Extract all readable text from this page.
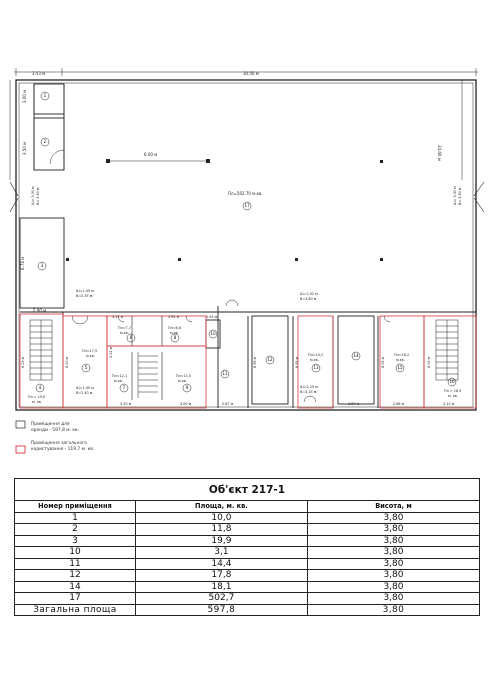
3.53 м	30.50 м
3.00 м
3.50 м
6.74 м
2.90 м
Ш= 3.30 м В= 3.80 м	Ш= 3.30 м В= 3.80 м
24.60 м
6.00 м
Пл=502,70 м.кв.
17
Ш=1,45 м.
В=2,35 м.
Ш=1,45 м.
В=2,40 м.
Ш=2,52 м.
В=3,80 м.
Ш=2,25 м.
В=3,15 м.
Пл=17,5
м.кв.
Пл=7,7
м.кв.
Пл=6,6
м.кв.
Пл=12,1
м.кв.
Пл=11,5
м.кв.
Пл=10,2
м.кв.
Пл=16,2
м.кв.
Пл = 18,9
м. кв.
Пл = 19,0
м. кв.
3.17 м	2.91 м	1.93 м
6.23 м	6.20 м
3.22 м
6.35 м	6.95 м	6.05 м	6.05 м
3.20 м	3.00 м	2.87 м	2.87 м	2.68 м	3.12 м
1
2
3
4
5
6
7
8
9
10
11
12
13
14
15
16
Приміщення для
оренди - 597,8 м. кв.
Приміщення загального
користування - 119,7 м. кв.
Об'єкт 217-1		
Номер приміщення	Площа, м. кв.	Висота, м
1	10,0	3,80
2	11,8	3,80
3	19,9	3,80
10	3,1	3,80
11	14,4	3,80
12	17,8	3,80
14	18,1	3,80
17	502,7	3,80
Загальна площа	597,8	3,80
